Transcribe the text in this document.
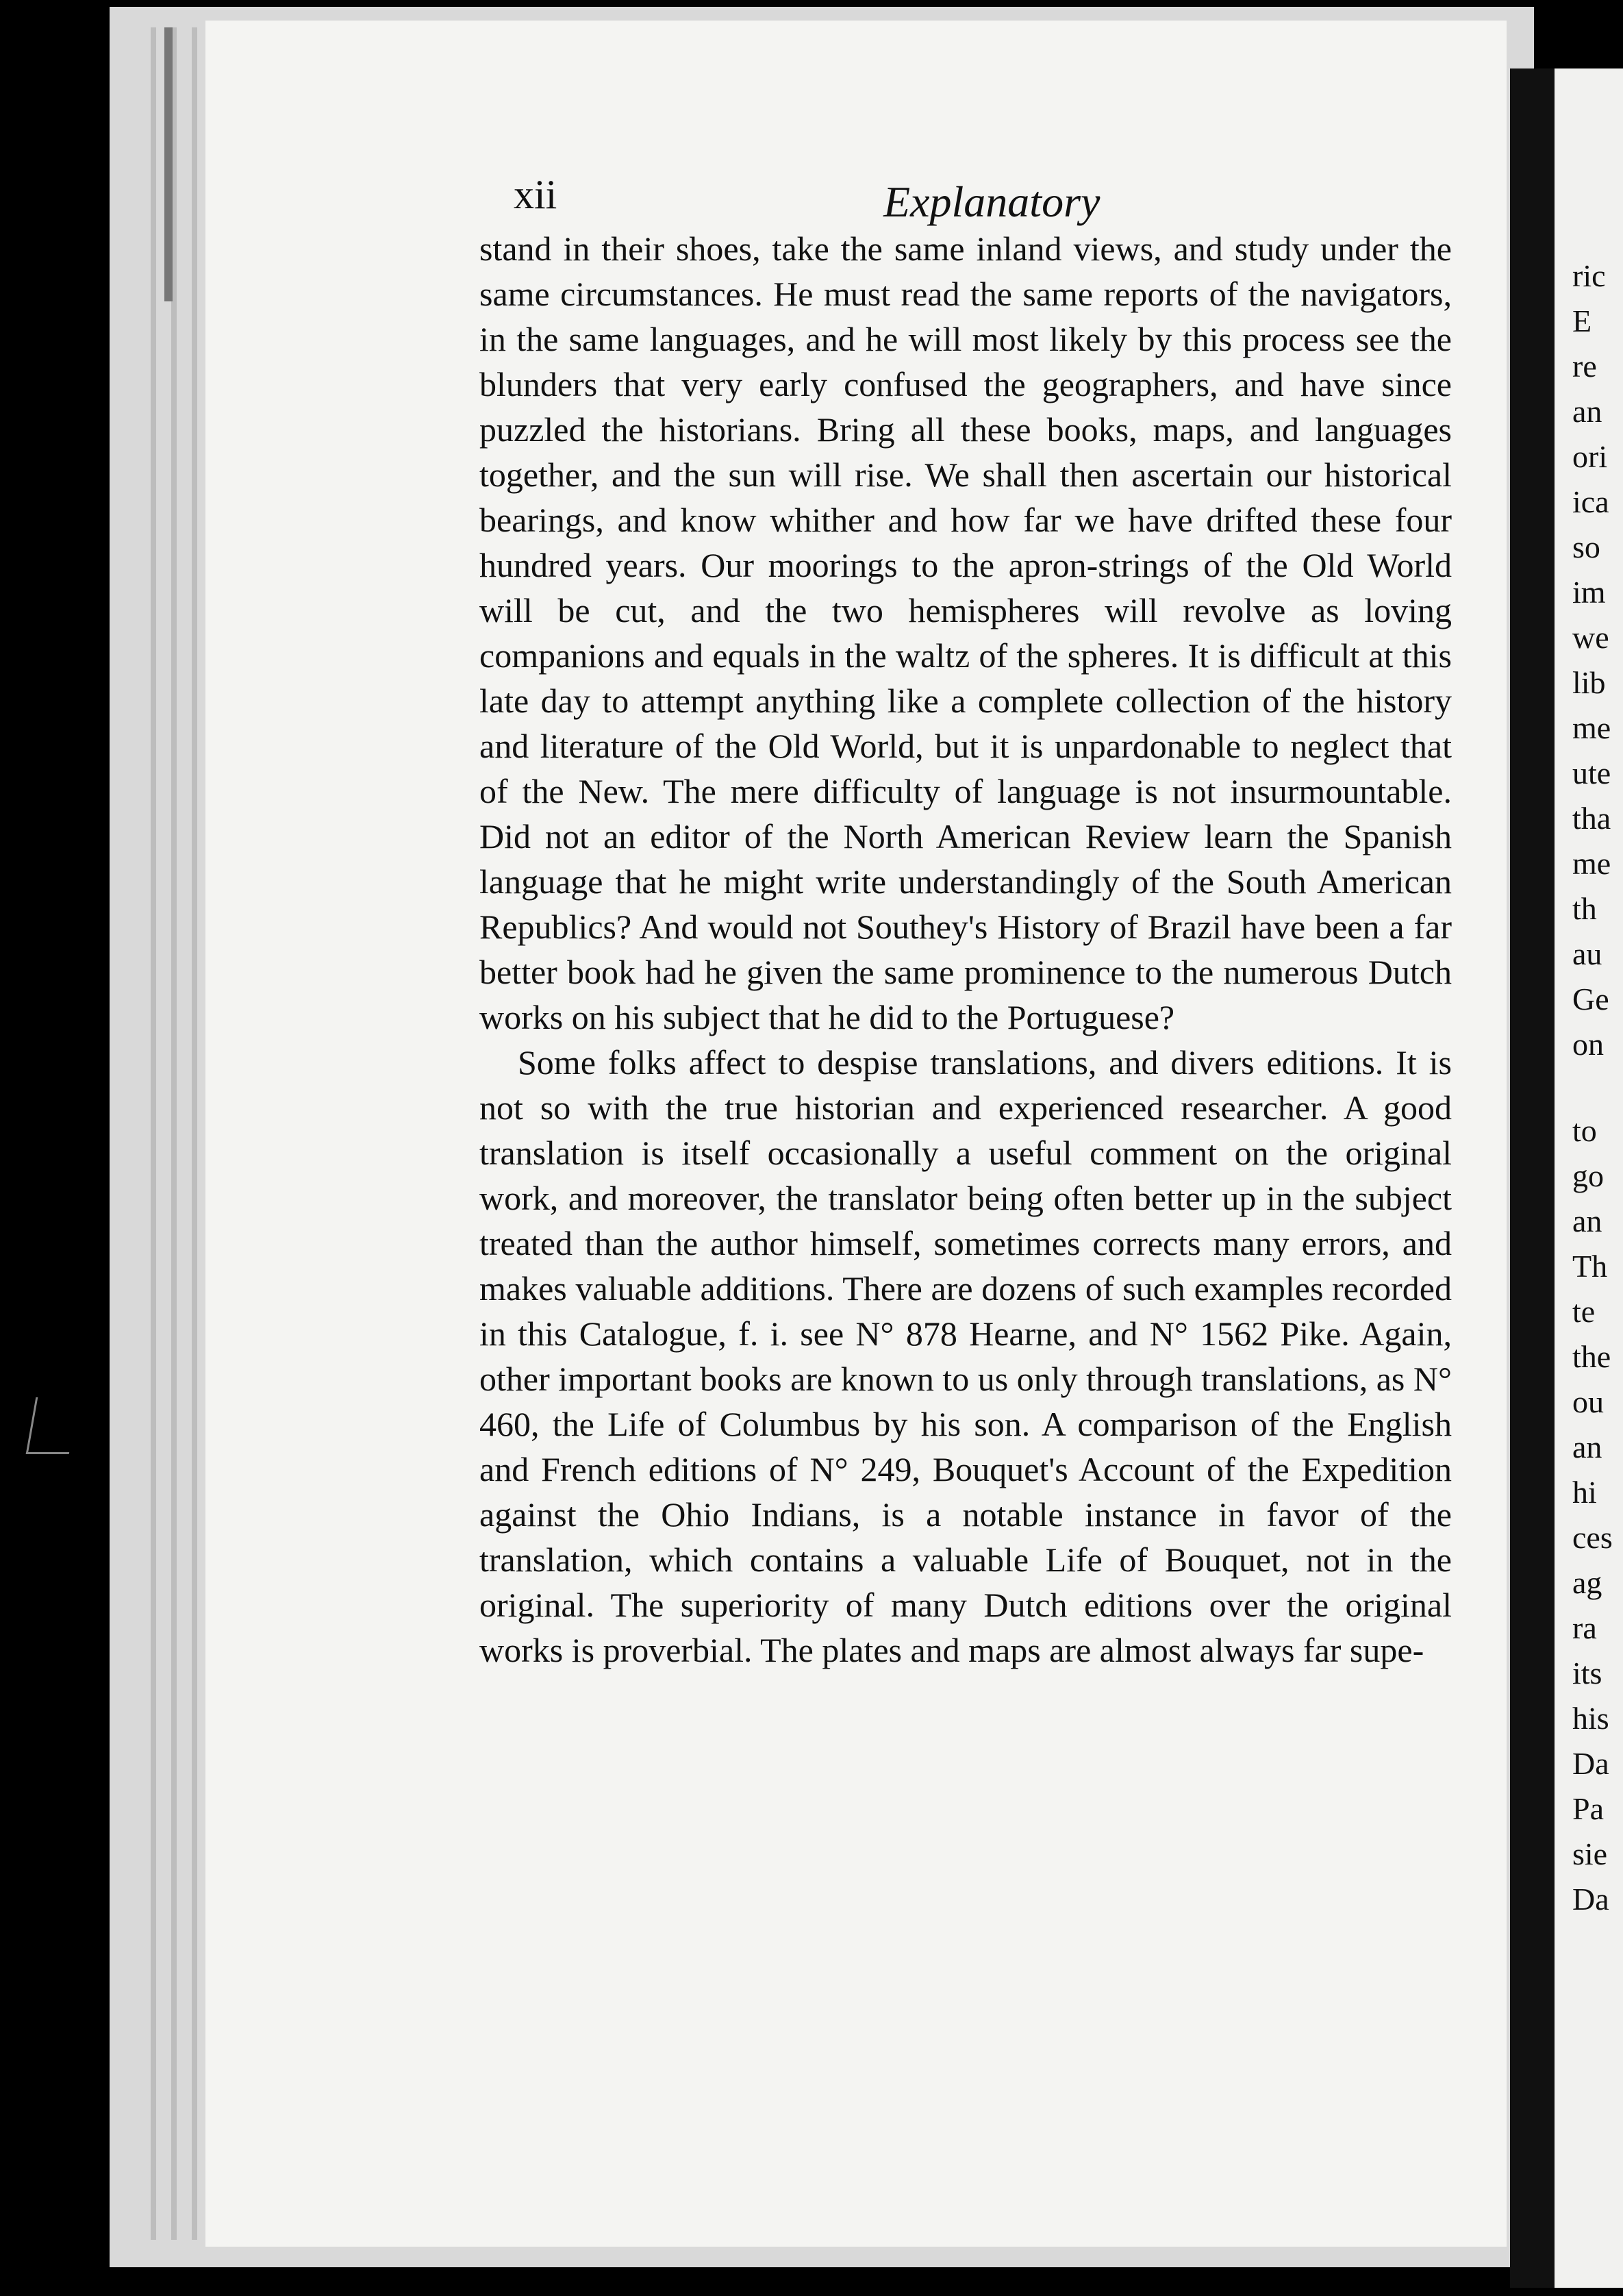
xii	Explanatory

stand in their shoes, take the same inland views, and study under the same circumstances. He must read the same reports of the navigators, in the same languages, and he will most likely by this process see the blunders that very early confused the geographers, and have since puzzled the historians. Bring all these books, maps, and languages together, and the sun will rise. We shall then ascertain our historical bearings, and know whither and how far we have drifted these four hundred years. Our moorings to the apron-strings of the Old World will be cut, and the two hemispheres will revolve as loving companions and equals in the waltz of the spheres. It is difficult at this late day to attempt anything like a complete collection of the history and literature of the Old World, but it is unpardonable to neglect that of the New. The mere difficulty of language is not insurmountable. Did not an editor of the North American Review learn the Spanish language that he might write understandingly of the South American Republics? And would not Southey's History of Brazil have been a far better book had he given the same prominence to the numerous Dutch works on his subject that he did to the Portuguese?

Some folks affect to despise translations, and divers editions. It is not so with the true historian and experienced researcher. A good translation is itself occasionally a useful comment on the original work, and moreover, the translator being often better up in the subject treated than the author himself, sometimes corrects many errors, and makes valuable additions. There are dozens of such examples recorded in this Catalogue, f. i. see N° 878 Hearne, and N° 1562 Pike. Again, other important books are known to us only through translations, as N° 460, the Life of Columbus by his son. A comparison of the English and French editions of N° 249, Bouquet's Account of the Expedition against the Ohio Indians, is a notable instance in favor of the translation, which contains a valuable Life of Bouquet, not in the original. The superiority of many Dutch editions over the original works is proverbial. The plates and maps are almost always far supe-

ric
E
re
an
ori
ica
so
im
we
lib
me
ute
tha
me
th
au
Ge
on
to
go
an
Th
te
the
ou
an
hi
ces
ag
ra
its
his
Da
Pa
sie
Da
